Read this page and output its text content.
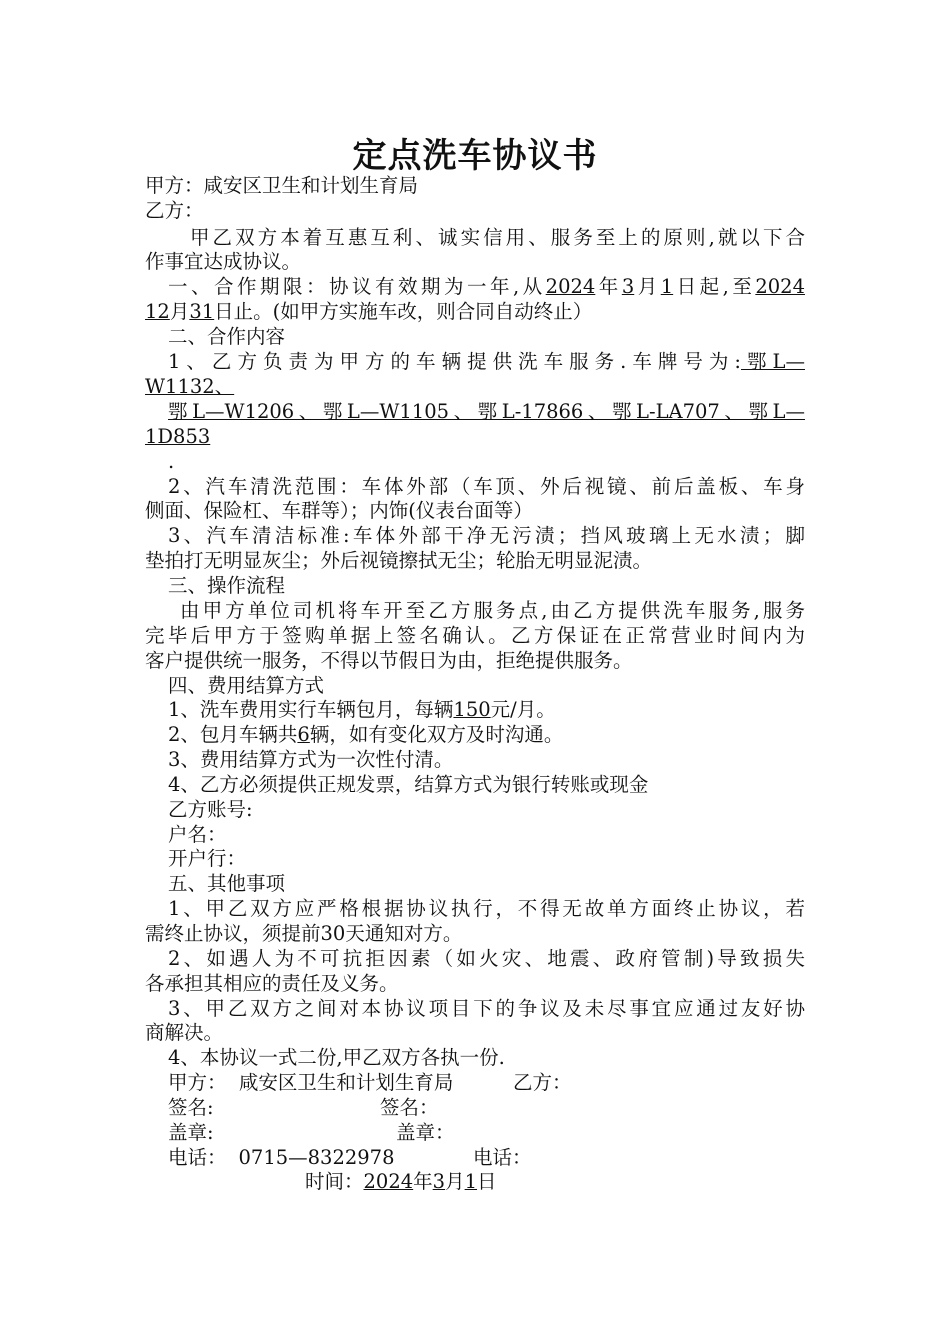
定点洗车协议书
甲方：咸安区卫生和计划生育局
乙方：
甲乙双方本着互惠互利、诚实信用、服务至上的原则,就以下合
作事宜达成协议。
一、合作期限：协议有效期为一年,从2024年3月1日起,至2024
12月31日止。(如甲方实施车改，则合同自动终止）
二、合作内容
1、乙方负责为甲方的车辆提供洗车服务.车牌号为:鄂L—
W1132、
鄂L—W1206、鄂L—W1105、鄂L-17866、鄂L-LA707、鄂L—
1D853
.
2、汽车清洗范围：车体外部（车顶、外后视镜、前后盖板、车身
侧面、保险杠、车群等）；内饰(仪表台面等）
3、汽车清洁标准:车体外部干净无污渍；挡风玻璃上无水渍；脚
垫拍打无明显灰尘；外后视镜擦拭无尘；轮胎无明显泥渍。
三、操作流程
由甲方单位司机将车开至乙方服务点,由乙方提供洗车服务,服务
完毕后甲方于签购单据上签名确认。乙方保证在正常营业时间内为
客户提供统一服务，不得以节假日为由，拒绝提供服务。
四、费用结算方式
1、洗车费用实行车辆包月，每辆150元/月。
2、包月车辆共6辆，如有变化双方及时沟通。
3、费用结算方式为一次性付清。
4、乙方必须提供正规发票，结算方式为银行转账或现金
乙方账号:
户名：
开户行：
五、其他事项
1、甲乙双方应严格根据协议执行，不得无故单方面终止协议，若
需终止协议，须提前30天通知对方。
2、如遇人为不可抗拒因素（如火灾、地震、政府管制)导致损失
各承担其相应的责任及义务。
3、甲乙双方之间对本协议项目下的争议及未尽事宜应通过友好协
商解决。
4、本协议一式二份,甲乙双方各执一份.
甲方：  咸安区卫生和计划生育局	乙方：
签名:	签名：
盖章:	盖章：
电话： 0715—8322978	电话：
时间：2024年3月1日
